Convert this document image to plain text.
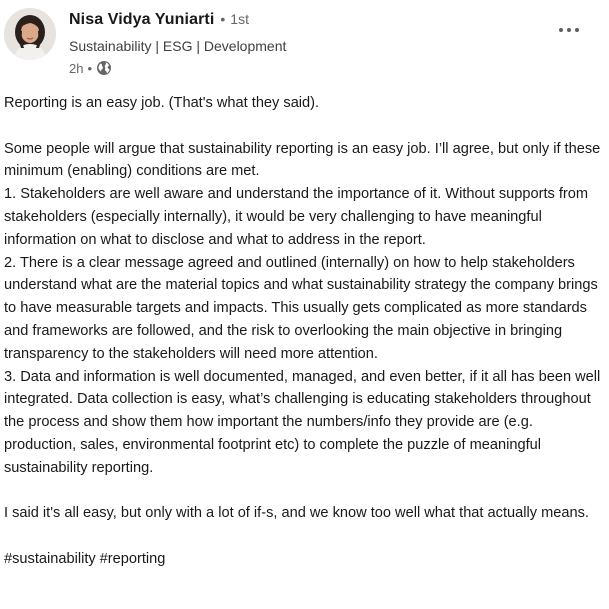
Nisa Vidya Yuniarti • 1st
Sustainability | ESG | Development
2h •

Reporting is an easy job. (That's what they said).

Some people will argue that sustainability reporting is an easy job. I’ll agree, but only if these minimum (enabling) conditions are met.

1. Stakeholders are well aware and understand the importance of it. Without supports from stakeholders (especially internally), it would be very challenging to have meaningful information on what to disclose and what to address in the report.

2. There is a clear message agreed and outlined (internally) on how to help stakeholders understand what are the material topics and what sustainability strategy the company brings to have measurable targets and impacts. This usually gets complicated as more standards and frameworks are followed, and the risk to overlooking the main objective in bringing transparency to the stakeholders will need more attention.

3. Data and information is well documented, managed, and even better, if it all has been well integrated. Data collection is easy, what’s challenging is educating stakeholders throughout the process and show them how important the numbers/info they provide are (e.g. production, sales, environmental footprint etc) to complete the puzzle of meaningful sustainability reporting.

I said it's all easy, but only with a lot of if-s, and we know too well what that actually means.

#sustainability #reporting
